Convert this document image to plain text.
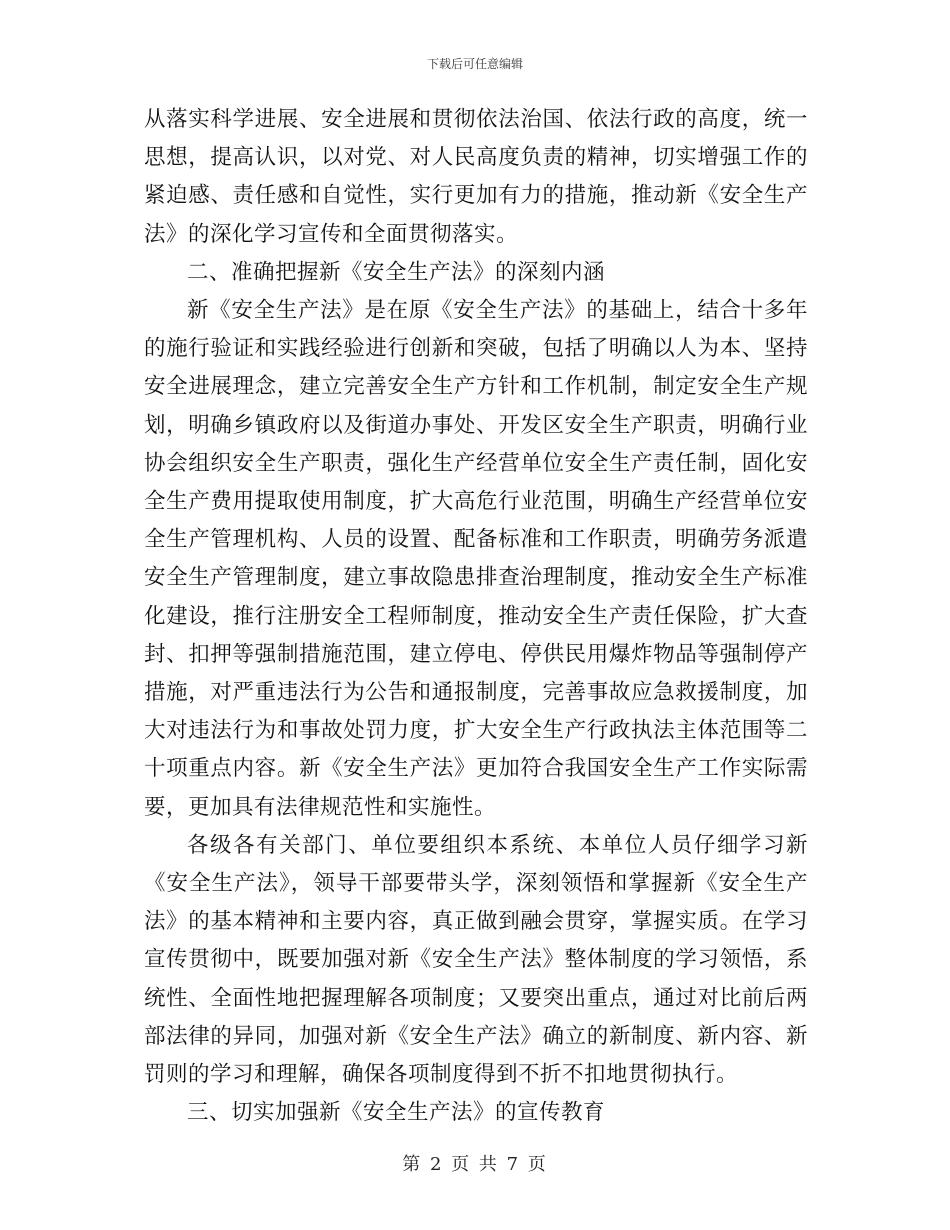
下载后可任意编辑

从落实科学进展、安全进展和贯彻依法治国、依法行政的高度，统一思想，提高认识，以对党、对人民高度负责的精神，切实增强工作的紧迫感、责任感和自觉性，实行更加有力的措施，推动新《安全生产法》的深化学习宣传和全面贯彻落实。

二、准确把握新《安全生产法》的深刻内涵

新《安全生产法》是在原《安全生产法》的基础上，结合十多年的施行验证和实践经验进行创新和突破，包括了明确以人为本、坚持安全进展理念，建立完善安全生产方针和工作机制，制定安全生产规划，明确乡镇政府以及街道办事处、开发区安全生产职责，明确行业协会组织安全生产职责，强化生产经营单位安全生产责任制，固化安全生产费用提取使用制度，扩大高危行业范围，明确生产经营单位安全生产管理机构、人员的设置、配备标准和工作职责，明确劳务派遣安全生产管理制度，建立事故隐患排查治理制度，推动安全生产标准化建设，推行注册安全工程师制度，推动安全生产责任保险，扩大查封、扣押等强制措施范围，建立停电、停供民用爆炸物品等强制停产措施，对严重违法行为公告和通报制度，完善事故应急救援制度，加大对违法行为和事故处罚力度，扩大安全生产行政执法主体范围等二十项重点内容。新《安全生产法》更加符合我国安全生产工作实际需要，更加具有法律规范性和实施性。

各级各有关部门、单位要组织本系统、本单位人员仔细学习新《安全生产法》，领导干部要带头学，深刻领悟和掌握新《安全生产法》的基本精神和主要内容，真正做到融会贯穿，掌握实质。在学习宣传贯彻中，既要加强对新《安全生产法》整体制度的学习领悟，系统性、全面性地把握理解各项制度；又要突出重点，通过对比前后两部法律的异同，加强对新《安全生产法》确立的新制度、新内容、新罚则的学习和理解，确保各项制度得到不折不扣地贯彻执行。

三、切实加强新《安全生产法》的宣传教育

第 2 页 共 7 页
